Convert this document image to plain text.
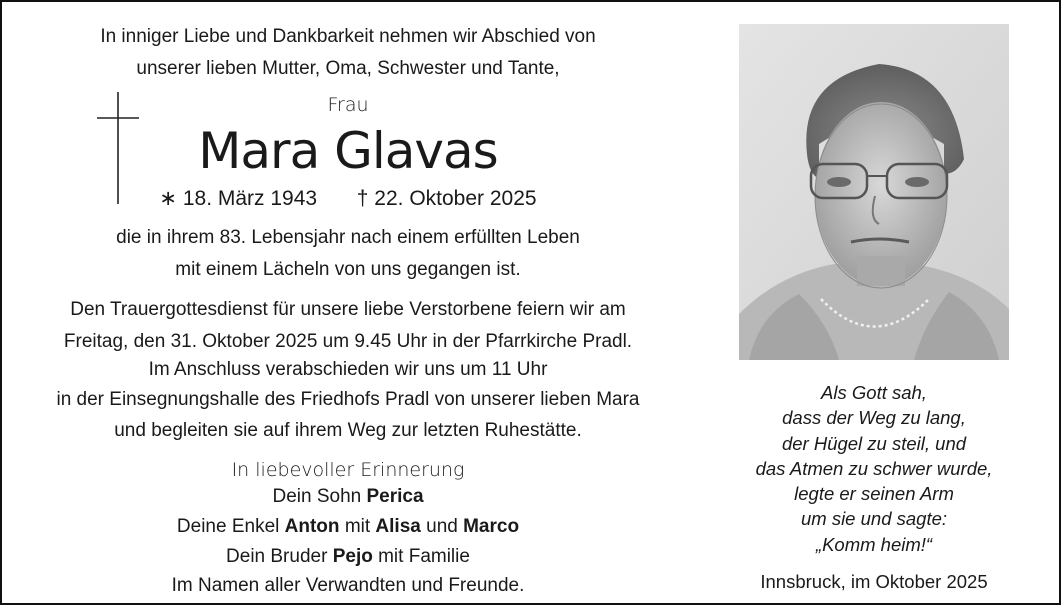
In inniger Liebe und Dankbarkeit nehmen wir Abschied von
unserer lieben Mutter, Oma, Schwester und Tante,
Frau
Mara Glavas
∗ 18. März 1943 † 22. Oktober 2025
die in ihrem 83. Lebensjahr nach einem erfüllten Leben
mit einem Lächeln von uns gegangen ist.
Den Trauergottesdienst für unsere liebe Verstorbene feiern wir am
Freitag, den 31. Oktober 2025 um 9.45 Uhr in der Pfarrkirche Pradl.
Im Anschluss verabschieden wir uns um 11 Uhr
in der Einsegnungshalle des Friedhofs Pradl von unserer lieben Mara
und begleiten sie auf ihrem Weg zur letzten Ruhestätte.
In liebevoller Erinnerung
Dein Sohn Perica
Deine Enkel Anton mit Alisa und Marco
Dein Bruder Pejo mit Familie
Im Namen aller Verwandten und Freunde.
Als Gott sah,
dass der Weg zu lang,
der Hügel zu steil, und
das Atmen zu schwer wurde,
legte er seinen Arm
um sie und sagte:
„Komm heim!“
Innsbruck, im Oktober 2025
